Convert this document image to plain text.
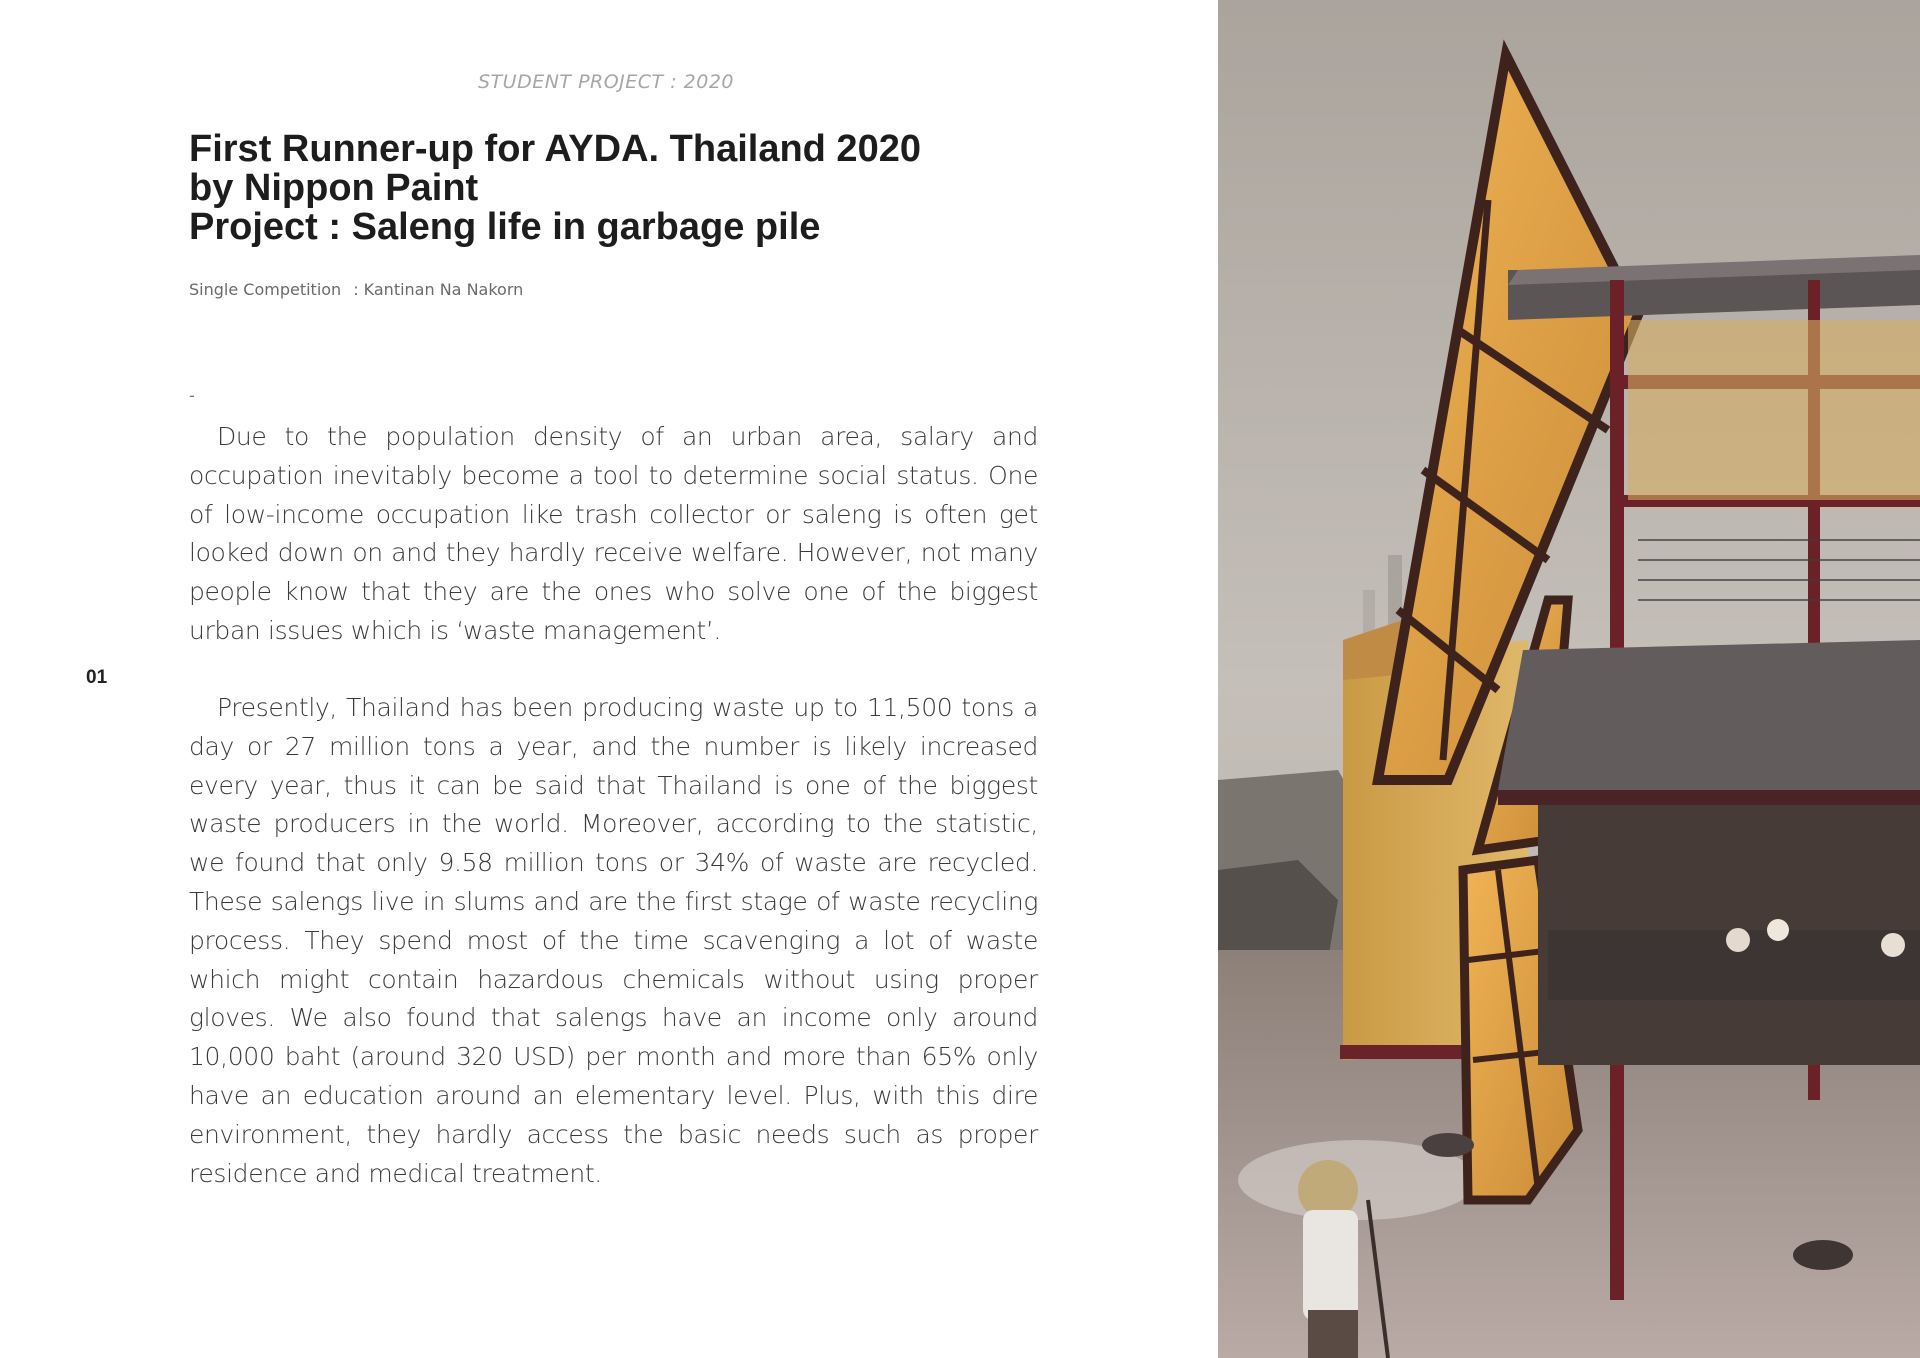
STUDENT PROJECT : 2020
First Runner-up for AYDA. Thailand 2020
by Nippon Paint
Project : Saleng life in garbage pile
Single Competition : Kantinan Na Nakorn
-
01

Due to the population density of an urban area, salary and occupation inevitably become a tool to determine social status. One of low-income occupation like trash collector or saleng is often get looked down on and they hardly receive welfare. However, not many people know that they are the ones who solve one of the biggest urban issues which is ‘waste management’.

Presently, Thailand has been producing waste up to 11,500 tons a day or 27 million tons a year, and the number is likely increased every year, thus it can be said that Thailand is one of the biggest waste producers in the world. Moreover, according to the statistic, we found that only 9.58 million tons or 34% of waste are recycled. These salengs live in slums and are the first stage of waste recycling process. They spend most of the time scavenging a lot of waste which might contain hazardous chemicals without using proper gloves. We also found that salengs have an income only around 10,000 baht (around 320 USD) per month and more than 65% only have an education around an elementary level. Plus, with this dire environment, they hardly access the basic needs such as proper residence and medical treatment.
